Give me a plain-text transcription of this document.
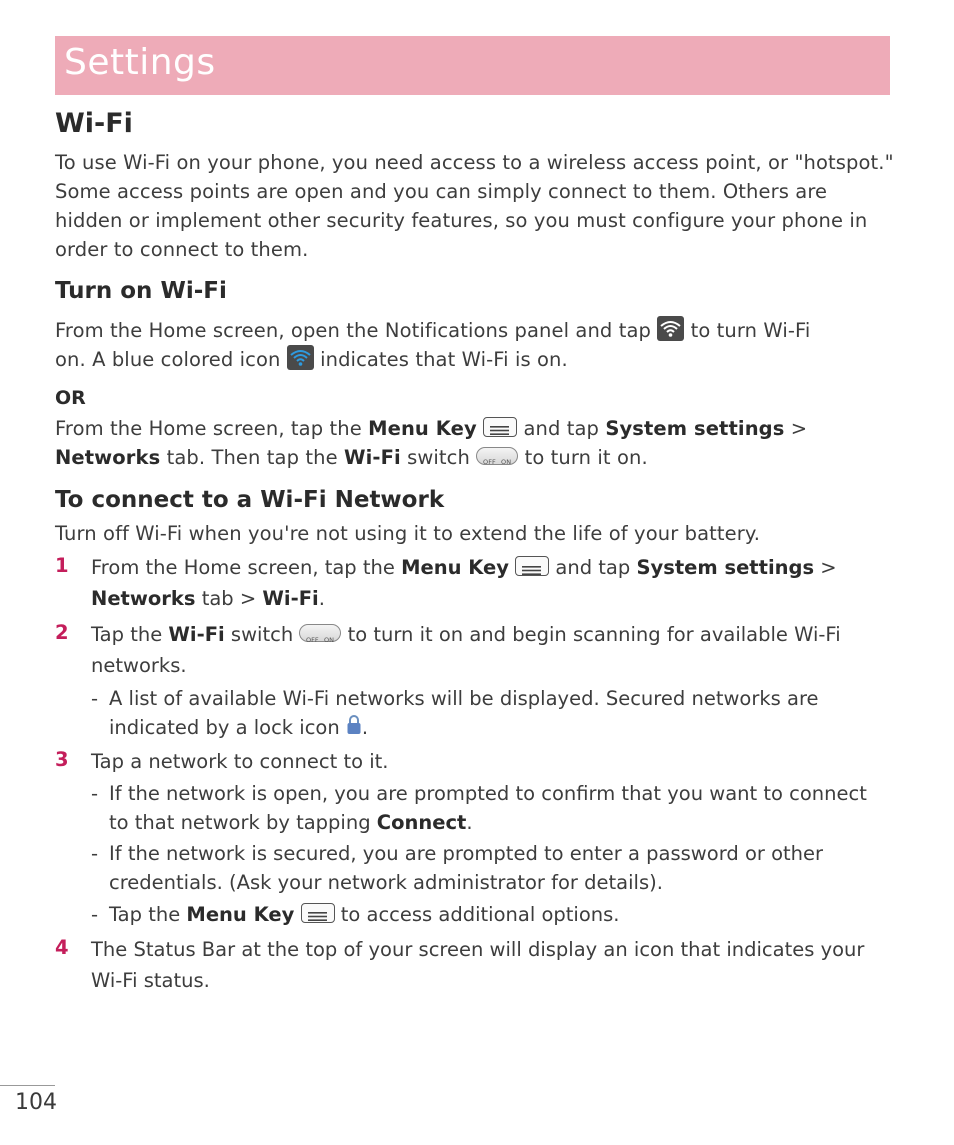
Settings
Wi-Fi
To use Wi-Fi on your phone, you need access to a wireless access point, or "hotspot." Some access points are open and you can simply connect to them. Others are hidden or implement other security features, so you must configure your phone in order to connect to them.
Turn on Wi-Fi
From the Home screen, open the Notifications panel and tap to turn Wi-Fi
on. A blue colored icon indicates that Wi-Fi is on.
OR
From the Home screen, tap the Menu Key and tap System settings >
Networks tab. Then tap the Wi-Fi switch OFF ON to turn it on.
To connect to a Wi-Fi Network
Turn off Wi-Fi when you're not using it to extend the life of your battery.
1 From the Home screen, tap the Menu Key and tap System settings >
Networks tab > Wi-Fi.
2 Tap the Wi-Fi switch OFF ON to turn it on and begin scanning for available Wi-Fi networks.
- A list of available Wi-Fi networks will be displayed. Secured networks are indicated by a lock icon .
3 Tap a network to connect to it.
- If the network is open, you are prompted to confirm that you want to connect to that network by tapping Connect.
- If the network is secured, you are prompted to enter a password or other credentials. (Ask your network administrator for details).
- Tap the Menu Key to access additional options.
4 The Status Bar at the top of your screen will display an icon that indicates your Wi-Fi status.
104
